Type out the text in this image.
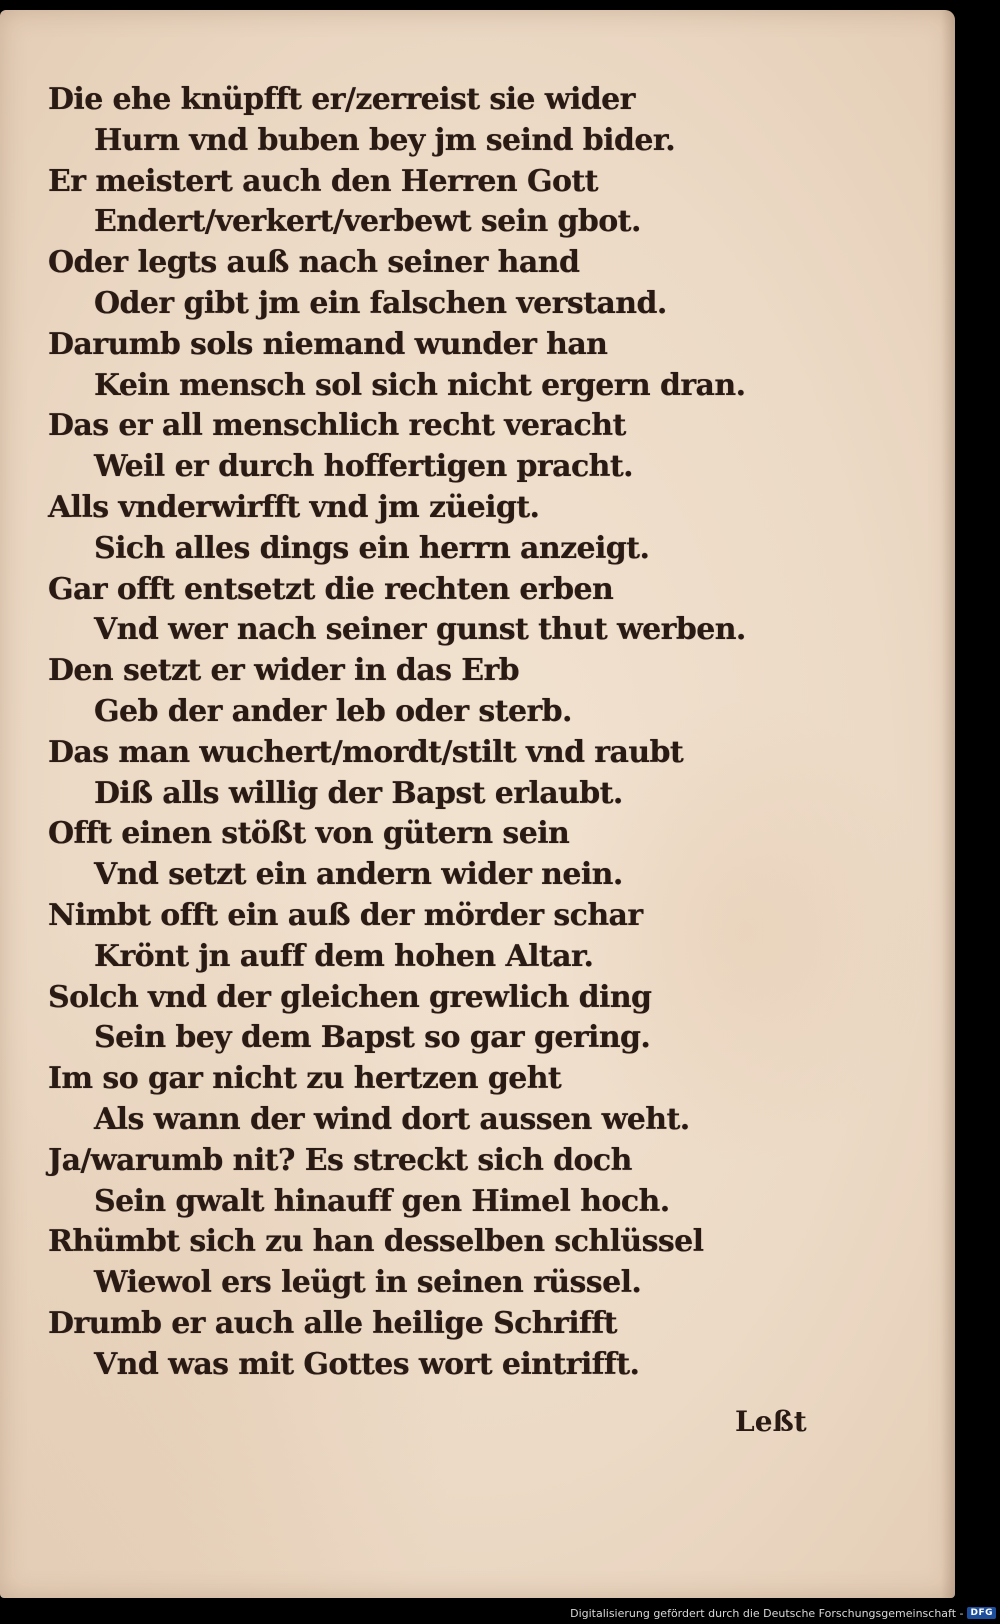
Die ehe knüpfft er/zerreist sie wider
Hurn vnd buben bey jm seind bider.
Er meistert auch den Herren Gott
Endert/verkert/verbewt sein gbot.
Oder legts auß nach seiner hand
Oder gibt jm ein falschen verstand.
Darumb sols niemand wunder han
Kein mensch sol sich nicht ergern dran.
Das er all menschlich recht veracht
Weil er durch hoffertigen pracht.
Alls vnderwirfft vnd jm züeigt.
Sich alles dings ein herrn anzeigt.
Gar offt entsetzt die rechten erben
Vnd wer nach seiner gunst thut werben.
Den setzt er wider in das Erb
Geb der ander leb oder sterb.
Das man wuchert/mordt/stilt vnd raubt
Diß alls willig der Bapst erlaubt.
Offt einen stößt von gütern sein
Vnd setzt ein andern wider nein.
Nimbt offt ein auß der mörder schar
Krönt jn auff dem hohen Altar.
Solch vnd der gleichen grewlich ding
Sein bey dem Bapst so gar gering.
Im so gar nicht zu hertzen geht
Als wann der wind dort aussen weht.
Ja/warumb nit? Es streckt sich doch
Sein gwalt hinauff gen Himel hoch.
Rhümbt sich zu han desselben schlüssel
Wiewol ers leügt in seinen rüssel.
Drumb er auch alle heilige Schrifft
Vnd was mit Gottes wort eintrifft.
Leßt
Digitalisierung gefördert durch die Deutsche Forschungsgemeinschaft - DFG
